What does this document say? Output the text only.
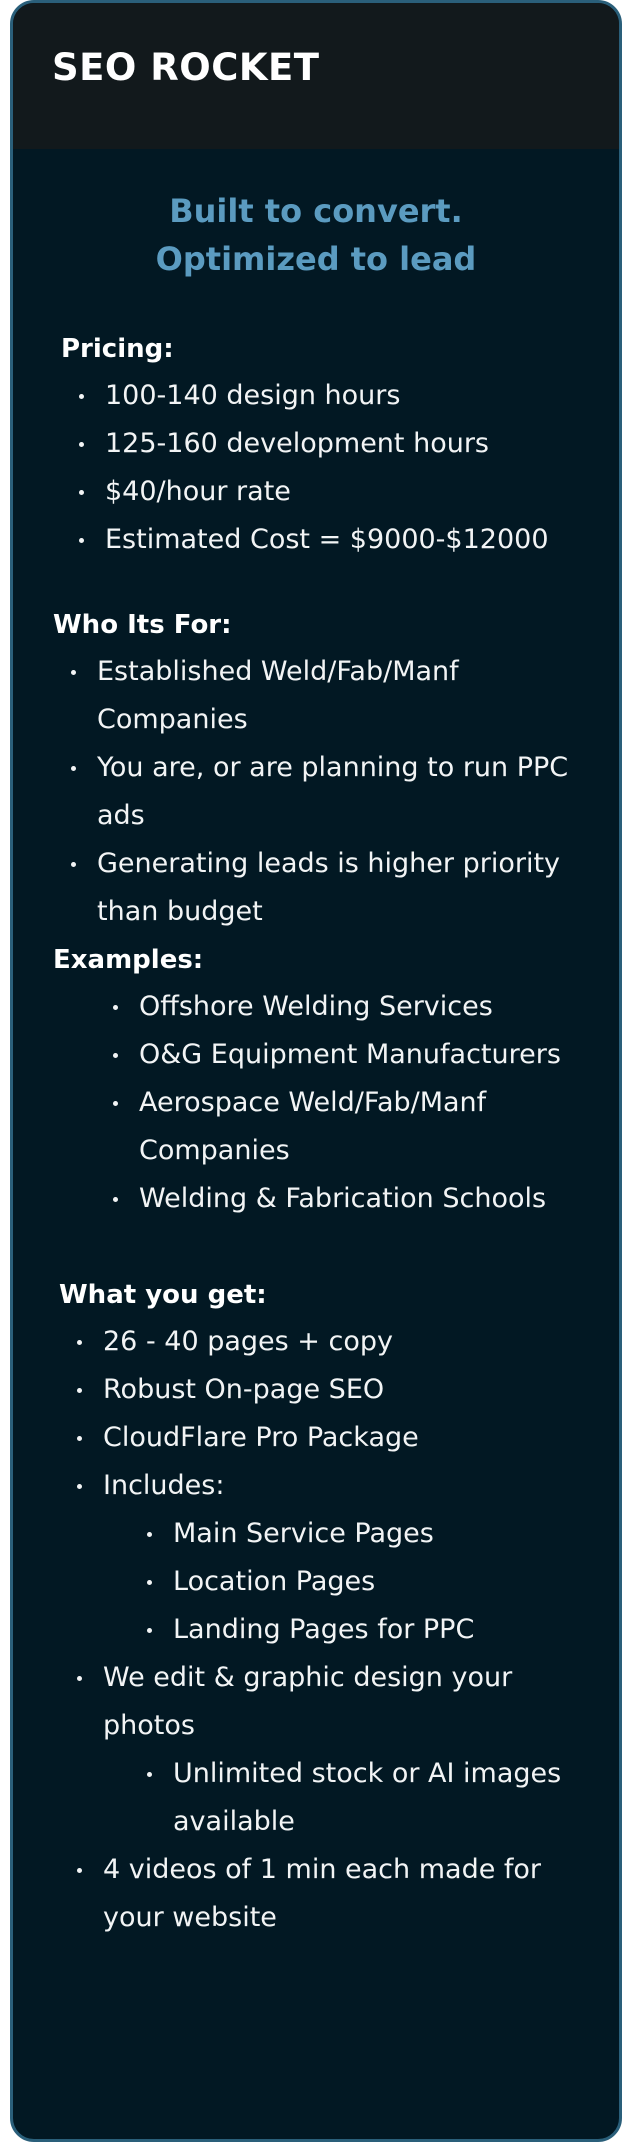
SEO ROCKET
Built to convert.
Optimized to lead
Pricing:
100-140 design hours
125-160 development hours
$40/hour rate
Estimated Cost = $9000-$12000
Who Its For:
Established Weld/Fab/Manf Companies
You are, or are planning to run PPC ads
Generating leads is higher priority than budget
Examples:
Offshore Welding Services
O&G Equipment Manufacturers
Aerospace Weld/Fab/Manf Companies
Welding & Fabrication Schools
What you get:
26 - 40 pages + copy
Robust On-page SEO
CloudFlare Pro Package
Includes:
Main Service Pages
Location Pages
Landing Pages for PPC
We edit & graphic design your photos
Unlimited stock or AI images available
4 videos of 1 min each made for your website
